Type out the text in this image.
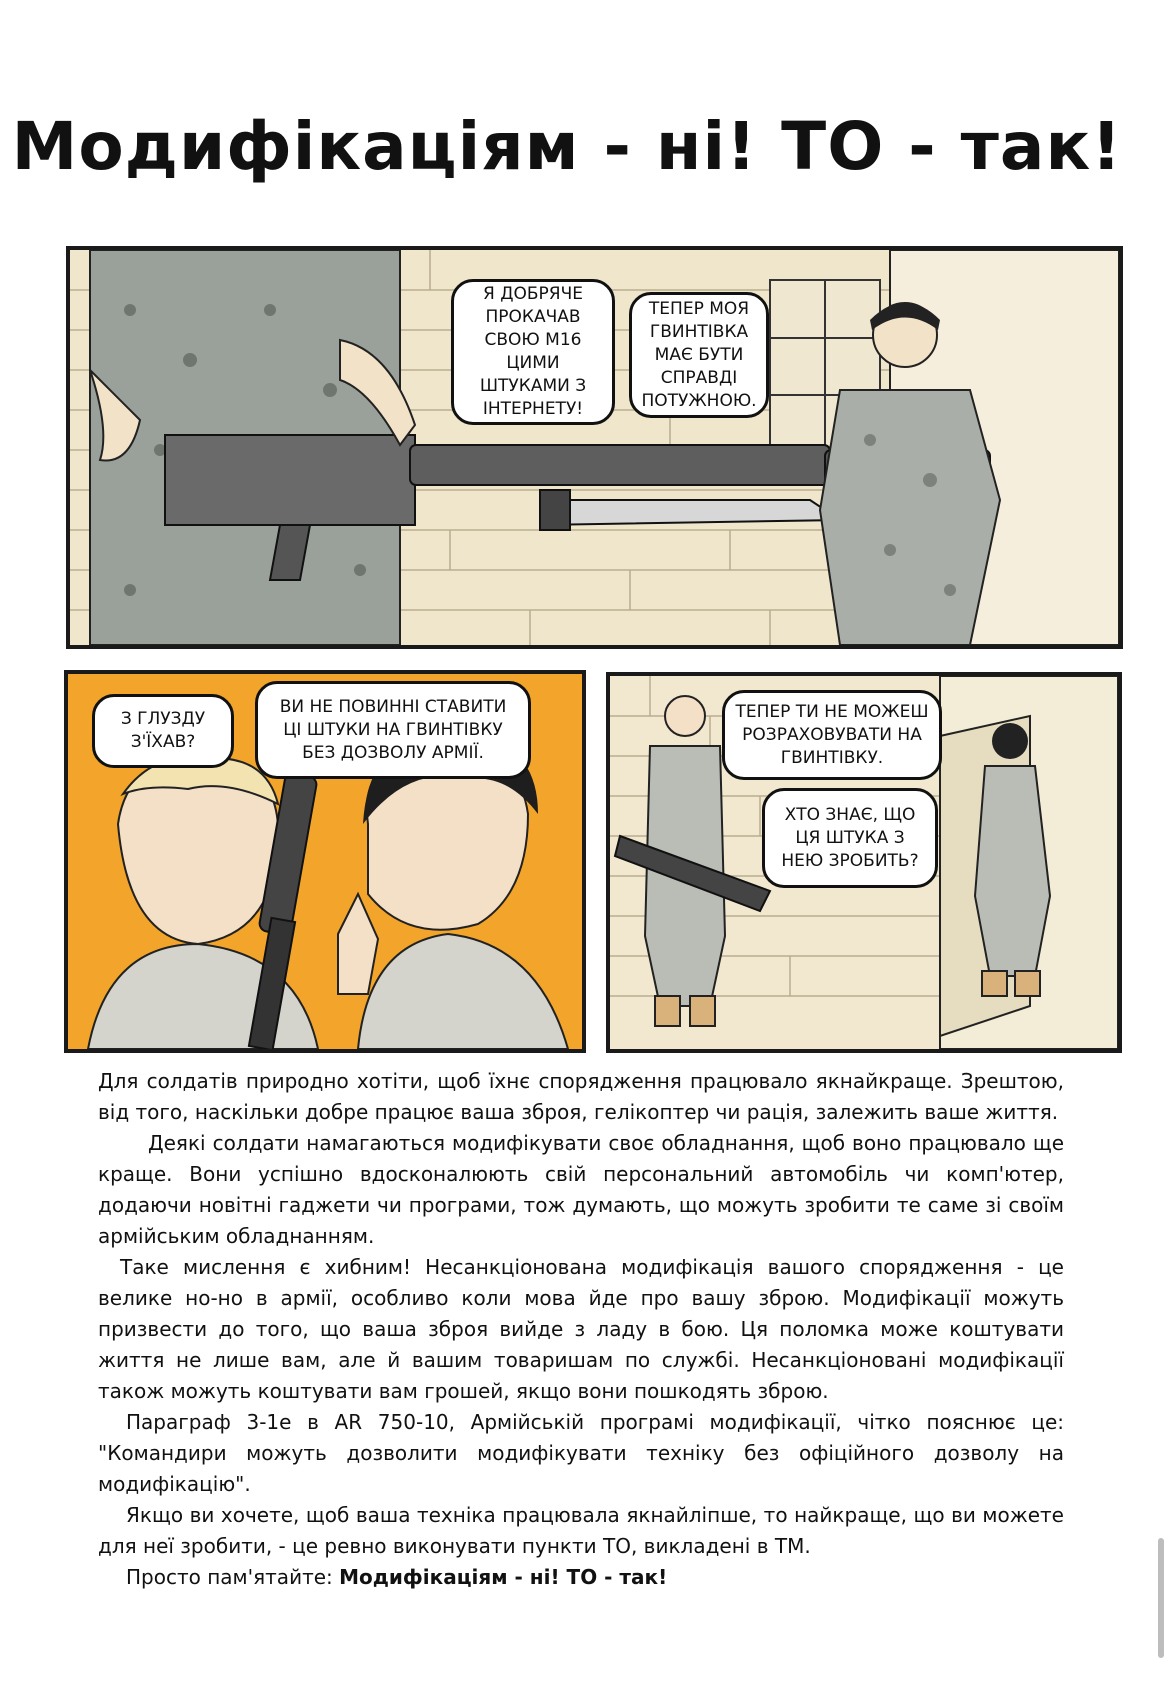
Модифікаціям - ні! ТО - так!
Я ДОБРЯЧЕ
ПРОКАЧАВ
СВОЮ М16
ЦИМИ
ШТУКАМИ З
ІНТЕРНЕТУ!
ТЕПЕР МОЯ
ГВИНТІВКА
МАЄ БУТИ
СПРАВДІ
ПОТУЖНОЮ.
З ГЛУЗДУ
З'ЇХАВ?
ВИ НЕ ПОВИННІ СТАВИТИ
ЦІ ШТУКИ НА ГВИНТІВКУ
БЕЗ ДОЗВОЛУ АРМІЇ.
ТЕПЕР ТИ НЕ МОЖЕШ
РОЗРАХОВУВАТИ НА
ГВИНТІВКУ.
ХТО ЗНАЄ, ЩО
ЦЯ ШТУКА З
НЕЮ ЗРОБИТЬ?

Для солдатів природно хотіти, щоб їхнє спорядження працювало якнайкраще. Зрештою, від того, наскільки добре працює ваша зброя, гелікоптер чи рація, залежить ваше життя.

Деякі солдати намагаються модифікувати своє обладнання, щоб воно працювало ще краще. Вони успішно вдосконалюють свій персональний автомобіль чи комп'ютер, додаючи новітні гаджети чи програми, тож думають, що можуть зробити те саме зі своїм армійським обладнанням.

Таке мислення є хибним! Несанкціонована модифікація вашого спорядження - це велике но-но в армії, особливо коли мова йде про вашу зброю. Модифікації можуть призвести до того, що ваша зброя вийде з ладу в бою. Ця поломка може коштувати життя не лише вам, але й вашим товаришам по службі. Несанкціоновані модифікації також можуть коштувати вам грошей, якщо вони пошкодять зброю.

Параграф 3-1е в AR 750-10, Армійській програмі модифікації, чітко пояснює це: "Командири можуть дозволити модифікувати техніку без офіційного дозволу на модифікацію".

Якщо ви хочете, щоб ваша техніка працювала якнайліпше, то найкраще, що ви можете для неї зробити, - це ревно виконувати пункти ТО, викладені в ТМ.

Просто пам'ятайте: Модифікаціям - ні! ТО - так!
